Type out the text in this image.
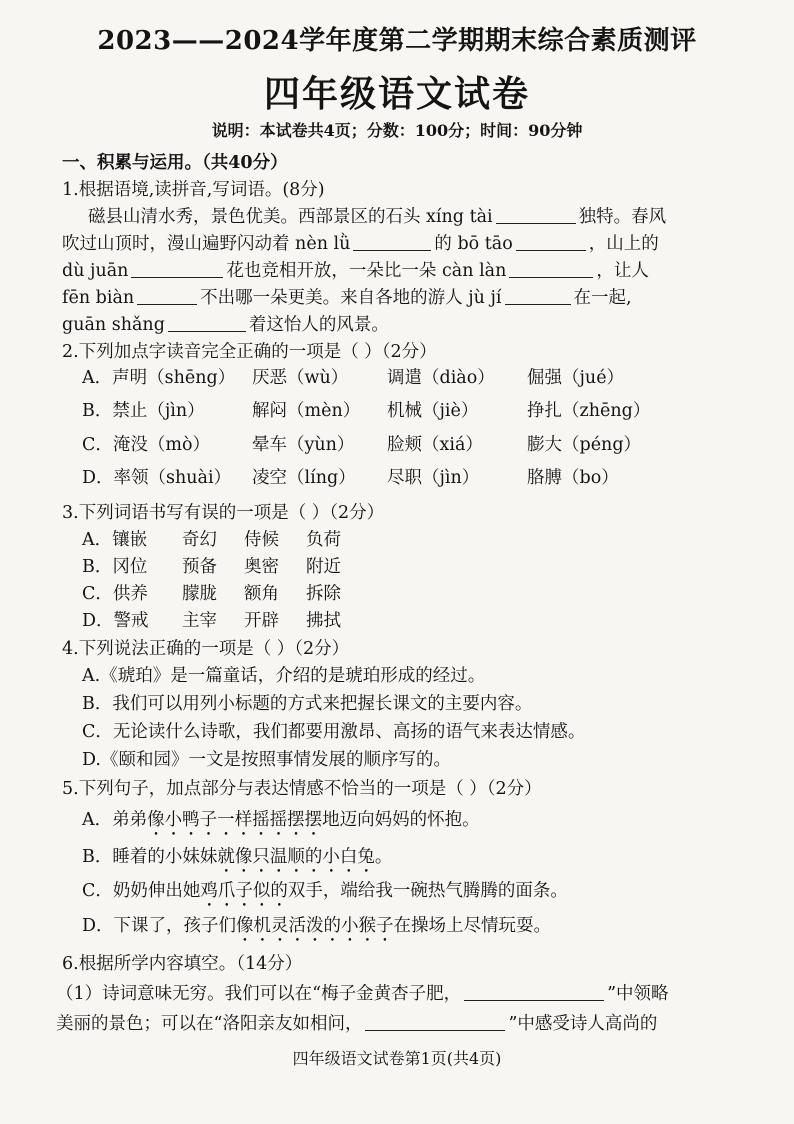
2023——2024学年度第二学期期末综合素质测评
四年级语文试卷
说明：本试卷共4页；分数：100分；时间：90分钟
一、积累与运用。（共40分）
1.根据语境,读拼音,写词语。(8分)
磁县山清水秀，景色优美。西部景区的石头 xíng tài	独特。春风
吹过山顶时，漫山遍野闪动着 nèn lǜ	的 bō tāo	，山上的
dù juān	花也竞相开放，一朵比一朵 càn làn	，让人
fēn biàn	不出哪一朵更美。来自各地的游人 jù jí	在一起,
guān shǎng	着这怡人的风景。
2.下列加点字读音完全正确的一项是（ ）（2分）
A．声明（shēng） 厌恶（wù） 调遣（diào） 倔强（jué）
B．禁止（jìn）	解闷（mèn） 机械（jiè）	挣扎（zhēng）
C．淹没（mò） 晕车（yùn） 脸颊（xiá）	膨大（péng）
D．率领（shuài） 凌空（líng） 尽职（jìn）	胳膊（bo）
3.下列词语书写有误的一项是（ ）（2分）
A．镶嵌 奇幻 侍候 负荷
B．冈位 预备 奥密 附近
C．供养 朦胧 额角 拆除
D．警戒 主宰 开辟 拂拭
4.下列说法正确的一项是（ ）（2分）
A.《琥珀》是一篇童话，介绍的是琥珀形成的经过。
B．我们可以用列小标题的方式来把握长课文的主要内容。
C．无论读什么诗歌，我们都要用激昂、高扬的语气来表达情感。
D.《颐和园》一文是按照事情发展的顺序写的。
5.下列句子，加点部分与表达情感不恰当的一项是（ ）（2分）
A．弟弟像小鸭子一样摇摇摆摆地迈向妈妈的怀抱。
B．睡着的小妹妹就像只温顺的小白兔。
C．奶奶伸出她鸡爪子似的双手，端给我一碗热气腾腾的面条。
D．下课了，孩子们像机灵活泼的小猴子在操场上尽情玩耍。
6.根据所学内容填空。（14分）
（1）诗词意味无穷。我们可以在“梅子金黄杏子肥，	”中领略
美丽的景色；可以在“洛阳亲友如相问，	”中感受诗人高尚的
四年级语文试卷第1页(共4页)
